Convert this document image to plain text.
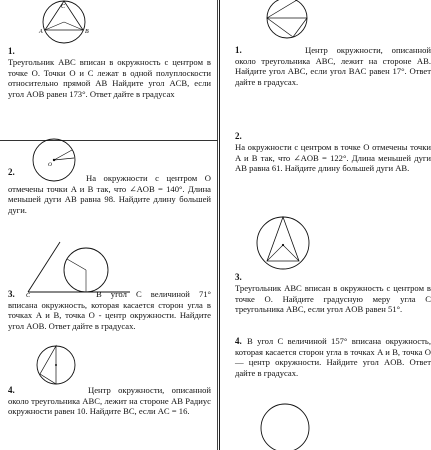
C
A	B
1.
Треугольник ABC вписан в окружность с центром в точке O. Точки O и C лежат в одной полуплоскости относительно прямой AB Найдите угол ACB, если угол AOB равен 173°. Ответ дайте в градусах
O
2.
На окружности с центром O отмечены точки A и B так, что ∠AOB = 140°. Длина меньшей дуги AB равна 98. Найдите длину большей дуги.
C
3.	В угол C величиной 71° вписана окружность, которая касается сторон угла в точках A и B, точка O - центр окружности. Найдите угол AOB. Ответ дайте в градусах.
4.	Центр окружности, описанной около треугольника ABC, лежит на стороне AB Радиус окружности равен 10. Найдите BC, если AC = 16.
1.	Центр окружности, описанной около треугольника ABC, лежит на стороне AB. Найдите угол ABC, если угол BAC равен 17°. Ответ дайте в градусах.
2.
На окружности с центром в точке O отмечены точки A и B так, что ∠AOB = 122°. Длина меньшей дуги AB равна 61. Найдите длину большей дуги AB.
3.
Треугольник ABC вписан в окружность с центром в точке O. Найдите градусную меру угла C треугольника ABC, если угол AOB равен 51°.
4. В угол C величиной 157° вписана окружность, которая касается сторон угла в точках A и B, точка O — центр окружности. Найдите угол AOB. Ответ дайте в градусах.
